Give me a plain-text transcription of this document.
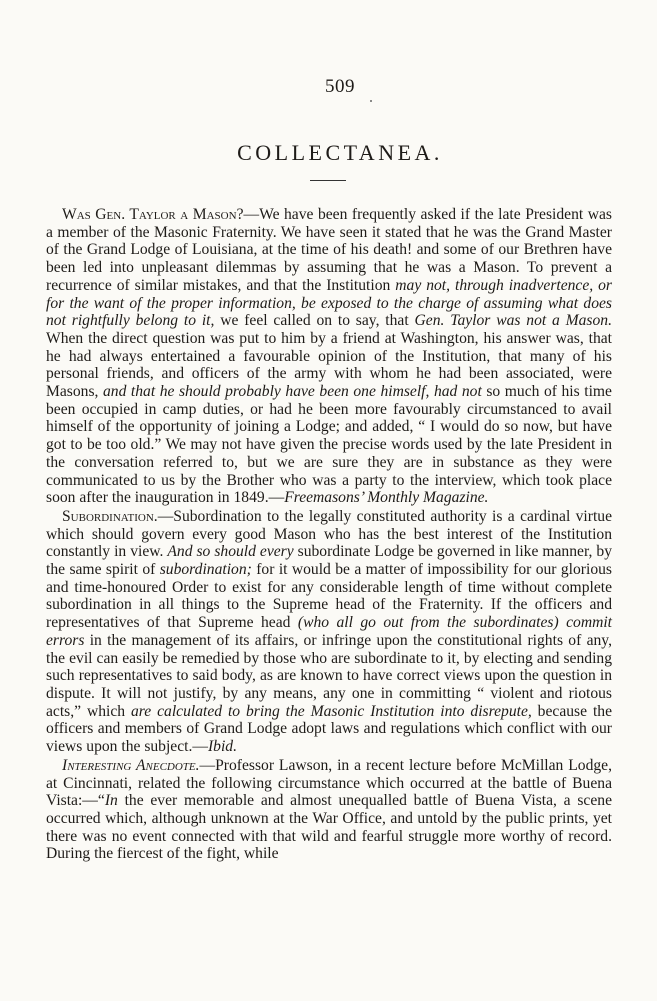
509
COLLECTANEA.

Was Gen. Taylor a Mason?—We have been frequently asked if the late President was a member of the Masonic Fraternity. We have seen it stated that he was the Grand Master of the Grand Lodge of Louisiana, at the time of his death! and some of our Brethren have been led into unpleasant dilemmas by assuming that he was a Mason. To prevent a recurrence of similar mistakes, and that the Institution may not, through inadvertence, or for the want of the proper information, be exposed to the charge of assuming what does not rightfully belong to it, we feel called on to say, that Gen. Taylor was not a Mason. When the direct question was put to him by a friend at Washington, his answer was, that he had always entertained a favourable opinion of the Institution, that many of his personal friends, and officers of the army with whom he had been associated, were Masons, and that he should probably have been one himself, had not so much of his time been occupied in camp duties, or had he been more favourably circumstanced to avail himself of the opportunity of joining a Lodge; and added, “ I would do so now, but have got to be too old.” We may not have given the precise words used by the late President in the conversation referred to, but we are sure they are in substance as they were communicated to us by the Brother who was a party to the interview, which took place soon after the inauguration in 1849.—Freemasons’ Monthly Magazine.

Subordination.—Subordination to the legally constituted authority is a cardinal virtue which should govern every good Mason who has the best interest of the Institution constantly in view. And so should every subordinate Lodge be governed in like manner, by the same spirit of subordination; for it would be a matter of impossibility for our glorious and time-honoured Order to exist for any considerable length of time without complete subordination in all things to the Supreme head of the Fraternity. If the officers and representatives of that Supreme head (who all go out from the subordinates) commit errors in the management of its affairs, or infringe upon the constitutional rights of any, the evil can easily be remedied by those who are subordinate to it, by electing and sending such representatives to said body, as are known to have correct views upon the question in dispute. It will not justify, by any means, any one in committing “ violent and riotous acts,” which are calculated to bring the Masonic Institution into disrepute, because the officers and members of Grand Lodge adopt laws and regulations which conflict with our views upon the subject.—Ibid.

Interesting Anecdote.—Professor Lawson, in a recent lecture before McMillan Lodge, at Cincinnati, related the following circumstance which occurred at the battle of Buena Vista:—“In the ever memorable and almost unequalled battle of Buena Vista, a scene occurred which, although unknown at the War Office, and untold by the public prints, yet there was no event connected with that wild and fearful struggle more worthy of record. During the fiercest of the fight, while
